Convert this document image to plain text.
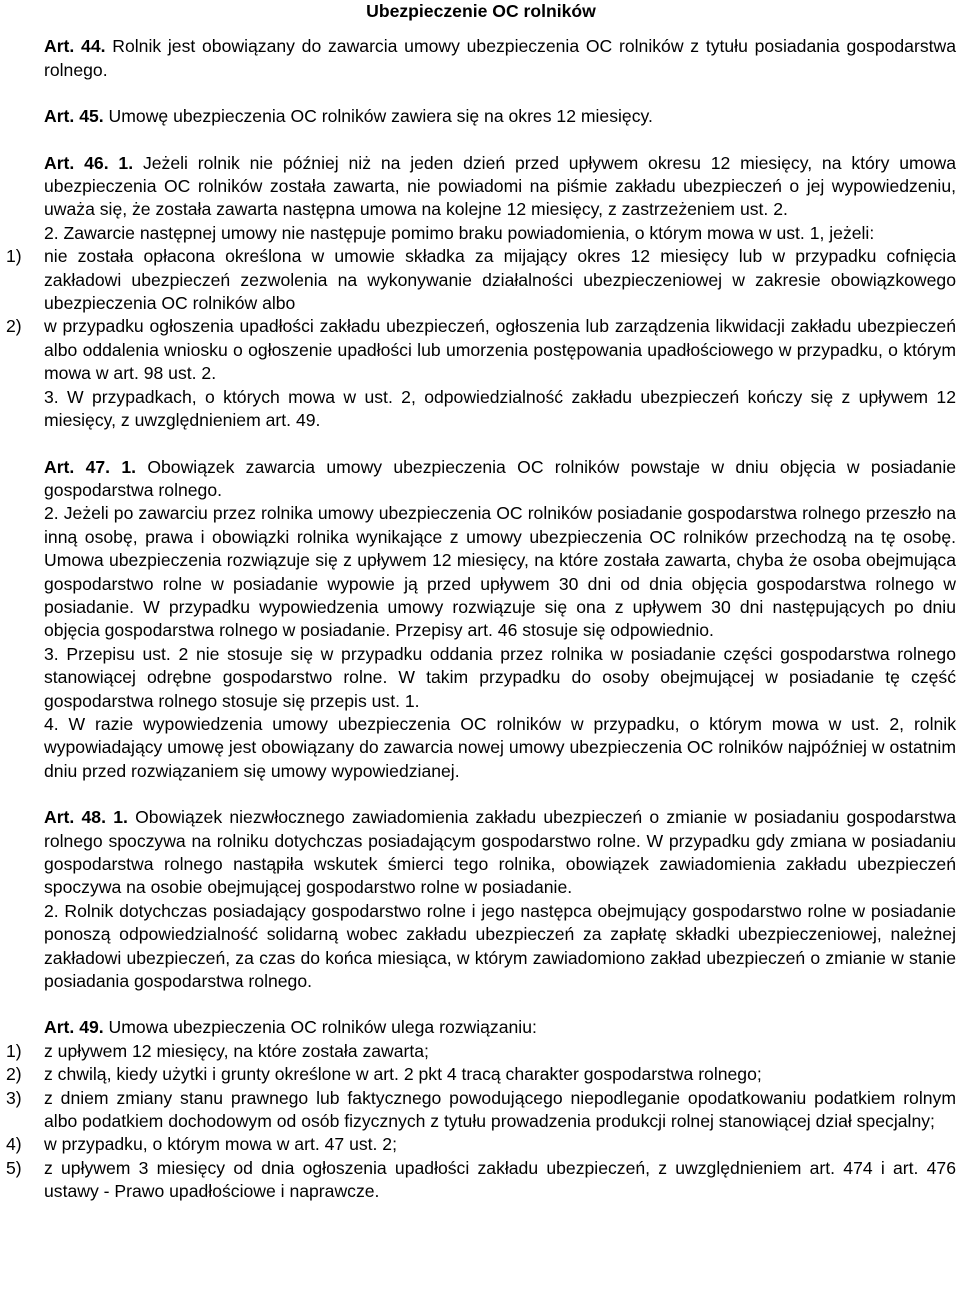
Ubezpieczenie OC rolników

Art. 44. Rolnik jest obowiązany do zawarcia umowy ubezpieczenia OC rolników z tytułu posiadania gospodarstwa rolnego.

Art. 45. Umowę ubezpieczenia OC rolników zawiera się na okres 12 miesięcy.

Art. 46. 1. Jeżeli rolnik nie później niż na jeden dzień przed upływem okresu 12 miesięcy, na który umowa ubezpieczenia OC rolników została zawarta, nie powiadomi na piśmie zakładu ubezpieczeń o jej wypowiedzeniu, uważa się, że została zawarta następna umowa na kolejne 12 miesięcy, z zastrzeżeniem ust. 2.

2. Zawarcie następnej umowy nie następuje pomimo braku powiadomienia, o którym mowa w ust. 1, jeżeli:

1)	nie została opłacona określona w umowie składka za mijający okres 12 miesięcy lub w przypadku cofnięcia zakładowi ubezpieczeń zezwolenia na wykonywanie działalności ubezpieczeniowej w zakresie obowiązkowego ubezpieczenia OC rolników albo
2)	w przypadku ogłoszenia upadłości zakładu ubezpieczeń, ogłoszenia lub zarządzenia likwidacji zakładu ubezpieczeń albo oddalenia wniosku o ogłoszenie upadłości lub umorzenia postępowania upadłościowego w przypadku, o którym mowa w art. 98 ust. 2.

3. W przypadkach, o których mowa w ust. 2, odpowiedzialność zakładu ubezpieczeń kończy się z upływem 12 miesięcy, z uwzględnieniem art. 49.

Art. 47. 1. Obowiązek zawarcia umowy ubezpieczenia OC rolników powstaje w dniu objęcia w posiadanie gospodarstwa rolnego.

2. Jeżeli po zawarciu przez rolnika umowy ubezpieczenia OC rolników posiadanie gospodarstwa rolnego przeszło na inną osobę, prawa i obowiązki rolnika wynikające z umowy ubezpieczenia OC rolników przechodzą na tę osobę. Umowa ubezpieczenia rozwiązuje się z upływem 12 miesięcy, na które została zawarta, chyba że osoba obejmująca gospodarstwo rolne w posiadanie wypowie ją przed upływem 30 dni od dnia objęcia gospodarstwa rolnego w posiadanie. W przypadku wypowiedzenia umowy rozwiązuje się ona z upływem 30 dni następujących po dniu objęcia gospodarstwa rolnego w posiadanie. Przepisy art. 46 stosuje się odpowiednio.

3. Przepisu ust. 2 nie stosuje się w przypadku oddania przez rolnika w posiadanie części gospodarstwa rolnego stanowiącej odrębne gospodarstwo rolne. W takim przypadku do osoby obejmującej w posiadanie tę część gospodarstwa rolnego stosuje się przepis ust. 1.

4. W razie wypowiedzenia umowy ubezpieczenia OC rolników w przypadku, o którym mowa w ust. 2, rolnik wypowiadający umowę jest obowiązany do zawarcia nowej umowy ubezpieczenia OC rolników najpóźniej w ostatnim dniu przed rozwiązaniem się umowy wypowiedzianej.

Art. 48. 1. Obowiązek niezwłocznego zawiadomienia zakładu ubezpieczeń o zmianie w posiadaniu gospodarstwa rolnego spoczywa na rolniku dotychczas posiadającym gospodarstwo rolne. W przypadku gdy zmiana w posiadaniu gospodarstwa rolnego nastąpiła wskutek śmierci tego rolnika, obowiązek zawiadomienia zakładu ubezpieczeń spoczywa na osobie obejmującej gospodarstwo rolne w posiadanie.

2. Rolnik dotychczas posiadający gospodarstwo rolne i jego następca obejmujący gospodarstwo rolne w posiadanie ponoszą odpowiedzialność solidarną wobec zakładu ubezpieczeń za zapłatę składki ubezpieczeniowej, należnej zakładowi ubezpieczeń, za czas do końca miesiąca, w którym zawiadomiono zakład ubezpieczeń o zmianie w stanie posiadania gospodarstwa rolnego.

Art. 49. Umowa ubezpieczenia OC rolników ulega rozwiązaniu:

1)	z upływem 12 miesięcy, na które została zawarta;
2)	z chwilą, kiedy użytki i grunty określone w art. 2 pkt 4 tracą charakter gospodarstwa rolnego;
3)	z dniem zmiany stanu prawnego lub faktycznego powodującego niepodleganie opodatkowaniu podatkiem rolnym albo podatkiem dochodowym od osób fizycznych z tytułu prowadzenia produkcji rolnej stanowiącej dział specjalny;
4)	w przypadku, o którym mowa w art. 47 ust. 2;
5)	z upływem 3 miesięcy od dnia ogłoszenia upadłości zakładu ubezpieczeń, z uwzględnieniem art. 474 i art. 476 ustawy - Prawo upadłościowe i naprawcze.
